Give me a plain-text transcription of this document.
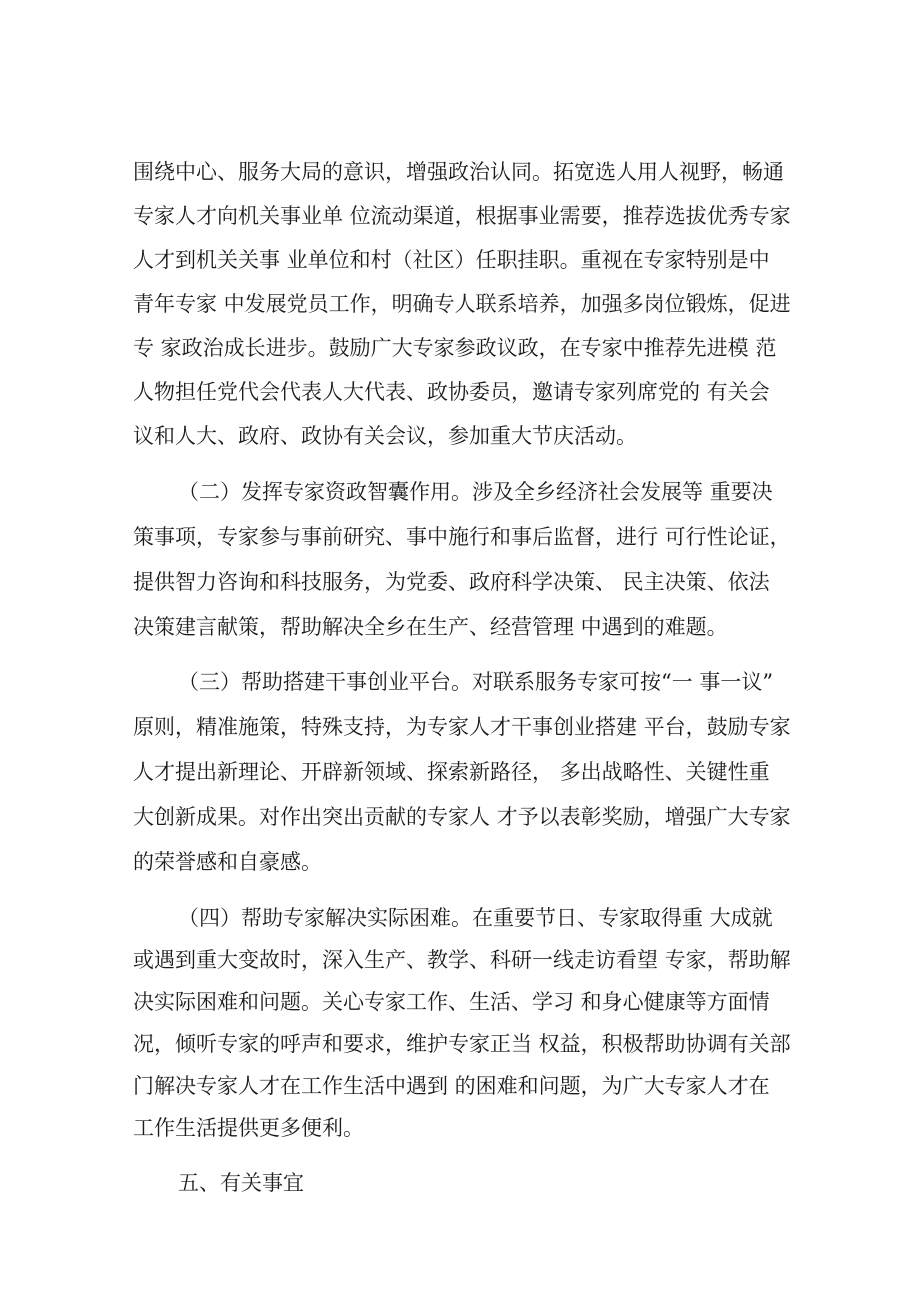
围绕中心、服务大局的意识，增强政治认同。拓宽选人用人视野，畅通
专家人才向机关事业单 位流动渠道，根据事业需要，推荐选拔优秀专家
人才到机关关事 业单位和村（社区）任职挂职。重视在专家特别是中
青年专家 中发展党员工作，明确专人联系培养，加强多岗位锻炼，促进
专 家政治成长进步。鼓励广大专家参政议政，在专家中推荐先进模 范
人物担任党代会代表人大代表、政协委员，邀请专家列席党的 有关会
议和人大、政府、政协有关会议，参加重大节庆活动。
（二）发挥专家资政智囊作用。涉及全乡经济社会发展等 重要决
策事项，专家参与事前研究、事中施行和事后监督，进行 可行性论证，
提供智力咨询和科技服务，为党委、政府科学决策、 民主决策、依法
决策建言献策，帮助解决全乡在生产、经营管理 中遇到的难题。
（三）帮助搭建干事创业平台。对联系服务专家可按“一 事一议”
原则，精准施策，特殊支持，为专家人才干事创业搭建 平台，鼓励专家
人才提出新理论、开辟新领域、探索新路径， 多出战略性、关键性重
大创新成果。对作出突出贡献的专家人 才予以表彰奖励，增强广大专家
的荣誉感和自豪感。
（四）帮助专家解决实际困难。在重要节日、专家取得重 大成就
或遇到重大变故时，深入生产、教学、科研一线走访看望 专家，帮助解
决实际困难和问题。关心专家工作、生活、学习 和身心健康等方面情
况，倾听专家的呼声和要求，维护专家正当 权益，积极帮助协调有关部
门解决专家人才在工作生活中遇到 的困难和问题，为广大专家人才在
工作生活提供更多便利。
五、有关事宜
